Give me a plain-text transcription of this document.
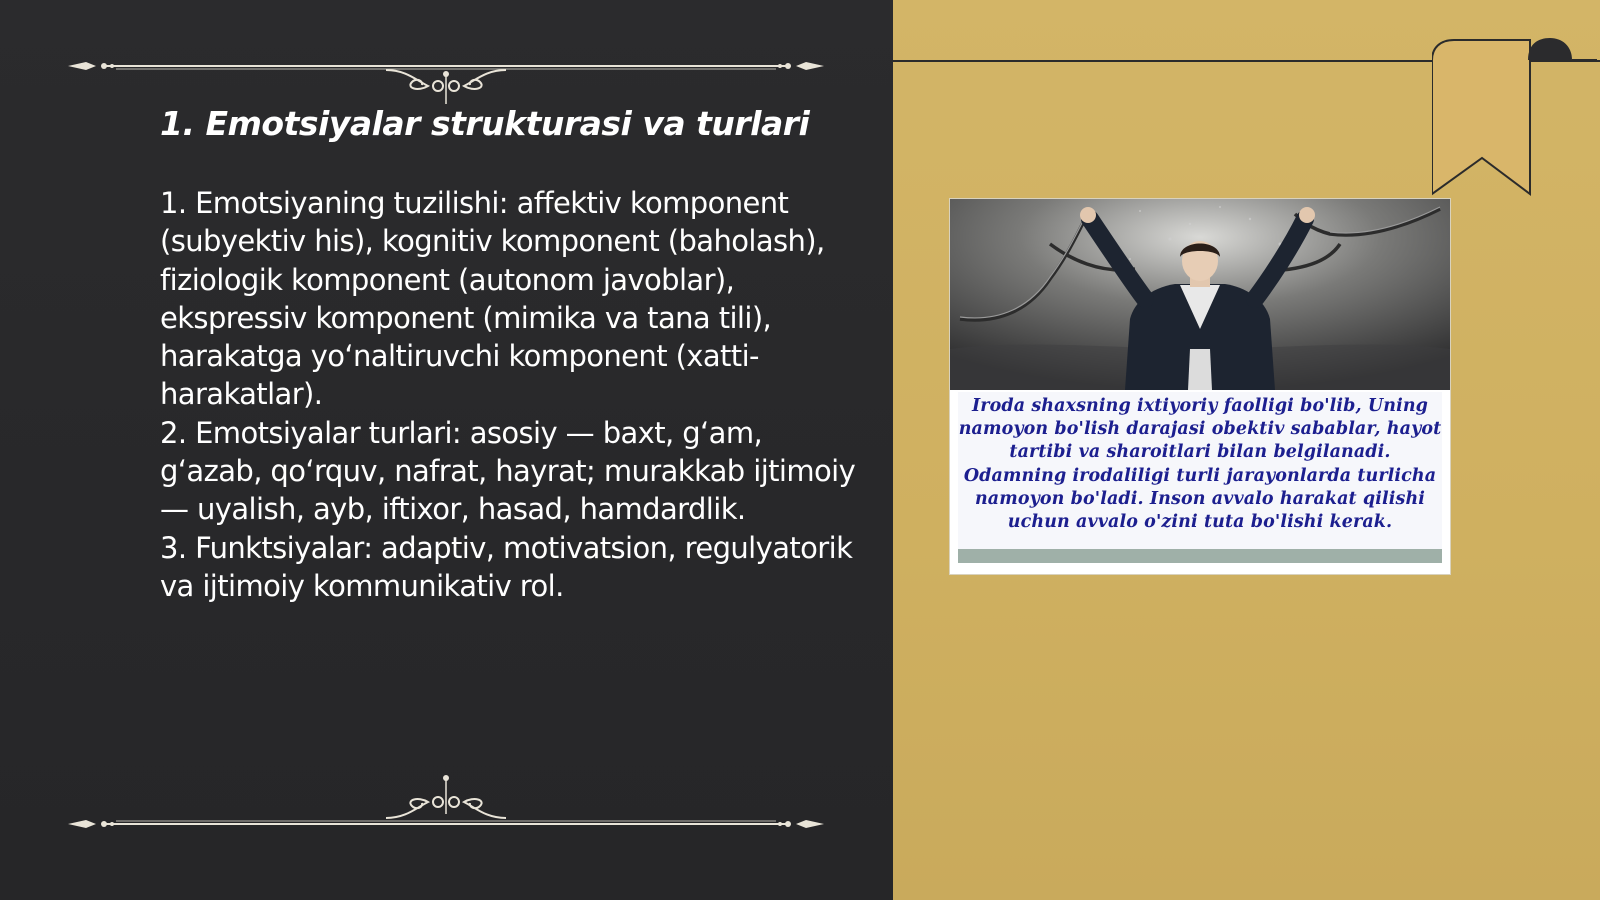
1. Emotsiyalar strukturasi va turlari
1. Emotsiyaning tuzilishi: affektiv komponent (subyektiv his), kognitiv komponent (baholash), fiziologik komponent (autonom javoblar), ekspressiv komponent (mimika va tana tili), harakatga yo‘naltiruvchi komponent (xatti-harakatlar).
2. Emotsiyalar turlari: asosiy — baxt, g‘am, g‘azab, qo‘rquv, nafrat, hayrat; murakkab ijtimoiy — uyalish, ayb, iftixor, hasad, hamdardlik.
3. Funktsiyalar: adaptiv, motivatsion, regulyatorik va ijtimoiy kommunikativ rol.

Iroda shaxsning ixtiyoriy faolligi bo'lib, Uning namoyon bo'lish darajasi obektiv sabablar, hayot tartibi va sharoitlari bilan belgilanadi. Odamning irodaliligi turli jarayonlarda turlicha namoyon bo'ladi. Inson avvalo harakat qilishi uchun avvalo o'zini tuta bo'lishi kerak.
